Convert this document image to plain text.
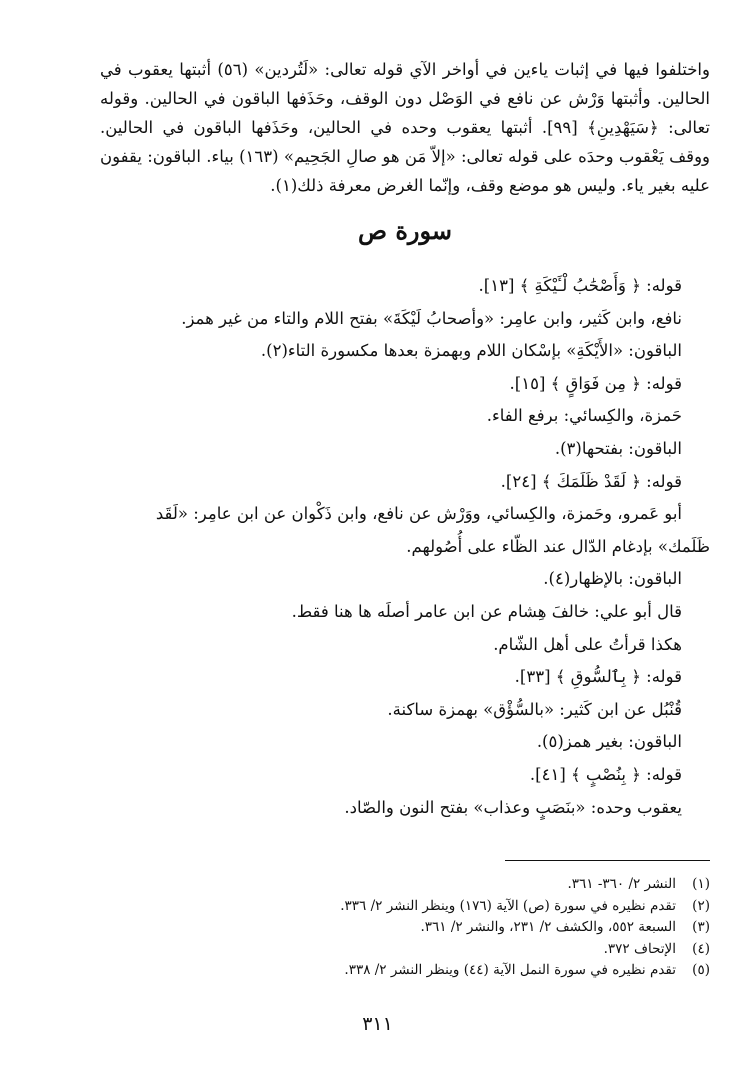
واختلفوا فيها في إثبات ياءين في أواخر الآي قوله تعالى: «لَتُردين» (٥٦) أثبتها يعقوب في الحالين. وأثبتها وَرْش عن نافع في الوَصْل دون الوقف، وحَذَفها الباقون في الحالين. وقوله تعالى: ﴿سَيَهْدِينِ﴾ [٩٩]. أثبتها يعقوب وحده في الحالين، وحَذَفها الباقون في الحالين. ووقف يَعْقوب وحدَه على قوله تعالى: «إلاّ مَن هو صالِ الجَحِيم» (١٦٣) بياء. الباقون: يقفون عليه بغير ياء. وليس هو موضع وقف، وإنّما الغرض معرفة ذلك(١).

سورة ص

قوله: ﴿ وَأَصْحَٰبُ لْـَٔيْكَةِ ﴾ [١٣].

نافع، وابن كَثير، وابن عامِر: «وأصحابُ لَيْكَةَ» بفتح اللام والتاء من غير همز.

الباقون: «الأَيْكَةِ» بإسْكان اللام وبهمزة بعدها مكسورة التاء(٢).

قوله: ﴿ مِن فَوَاقٍ ﴾ [١٥].

حَمزة، والكِسائي: برفع الفاء.

الباقون: بفتحها(٣).

قوله: ﴿ لَقَدْ ظَلَمَكَ ﴾ [٢٤].

أبو عَمرو، وحَمزة، والكِسائي، ووَرْش عن نافع، وابن ذَكْوان عن ابن عامِر: «لَقَد

ظَلَمك» بإدغام الدّال عند الظّاء على أُصُولهم.

الباقون: بالإظهار(٤).

قال أبو علي: خالفَ هِشام عن ابن عامر أصلَه ها هنا فقط.

هكذا قرأتُ على أهل الشّام.

قوله: ﴿ بِٱلسُّوقِ ﴾ [٣٣].

قُنْبُل عن ابن كَثير: «بالسُّؤْق» بهمزة ساكنة.

الباقون: بغير همز(٥).

قوله: ﴿ بِنُصْبٍ ﴾ [٤١].

يعقوب وحده: «بنَصَبٍ وعذاب» بفتح النون والصّاد.

(١)
النشر ٢/ ٣٦٠- ٣٦١.
(٢)
تقدم نظيره في سورة (ص) الآية (١٧٦) وينظر النشر ٢/ ٣٣٦.
(٣)
السبعة ٥٥٢، والكشف ٢/ ٢٣١، والنشر ٢/ ٣٦١.
(٤)
الإتحاف ٣٧٢.
(٥)
تقدم نظيره في سورة النمل الآية (٤٤) وينظر النشر ٢/ ٣٣٨.
٣١١
